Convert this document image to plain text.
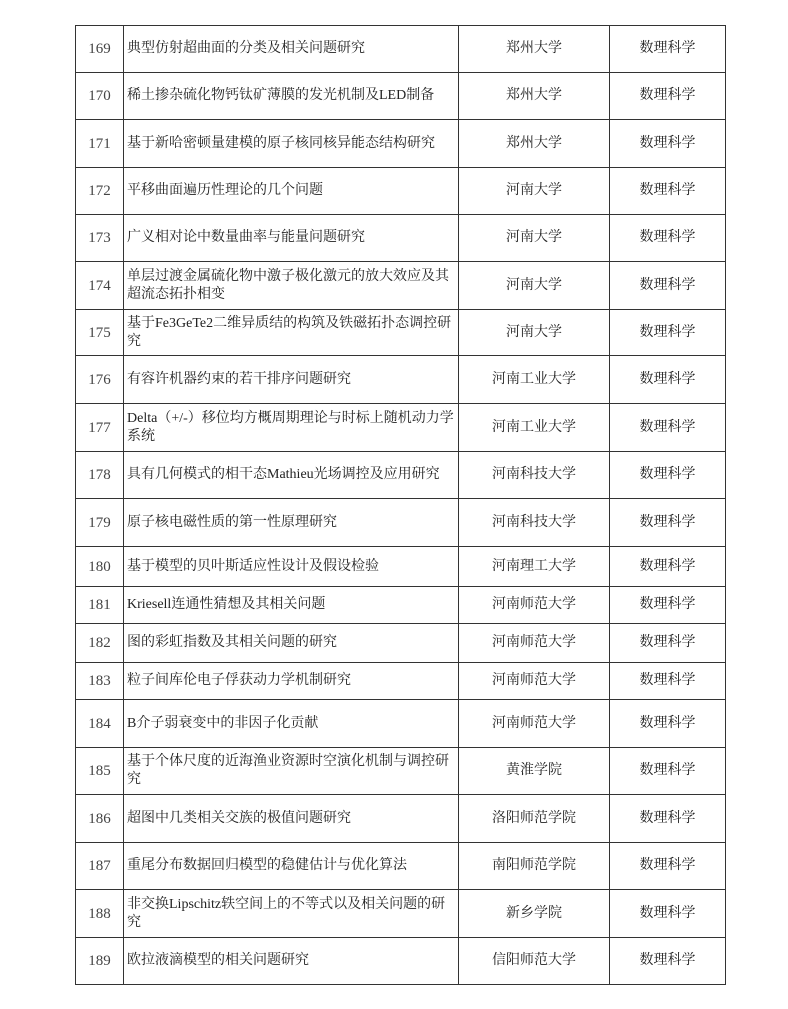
169	典型仿射超曲面的分类及相关问题研究	郑州大学	数理科学
170	稀土掺杂硫化物钙钛矿薄膜的发光机制及LED制备	郑州大学	数理科学
171	基于新哈密顿量建模的原子核同核异能态结构研究	郑州大学	数理科学
172	平移曲面遍历性理论的几个问题	河南大学	数理科学
173	广义相对论中数量曲率与能量问题研究	河南大学	数理科学
174	单层过渡金属硫化物中激子极化激元的放大效应及其超流态拓扑相变	河南大学	数理科学
175	基于Fe3GeTe2二维异质结的构筑及铁磁拓扑态调控研究	河南大学	数理科学
176	有容许机器约束的若干排序问题研究	河南工业大学	数理科学
177	Delta（+/-）移位均方概周期理论与时标上随机动力学系统	河南工业大学	数理科学
178	具有几何模式的相干态Mathieu光场调控及应用研究	河南科技大学	数理科学
179	原子核电磁性质的第一性原理研究	河南科技大学	数理科学
180	基于模型的贝叶斯适应性设计及假设检验	河南理工大学	数理科学
181	Kriesell连通性猜想及其相关问题	河南师范大学	数理科学
182	图的彩虹指数及其相关问题的研究	河南师范大学	数理科学
183	粒子间库伦电子俘获动力学机制研究	河南师范大学	数理科学
184	B介子弱衰变中的非因子化贡献	河南师范大学	数理科学
185	基于个体尺度的近海渔业资源时空演化机制与调控研究	黄淮学院	数理科学
186	超图中几类相关交族的极值问题研究	洛阳师范学院	数理科学
187	重尾分布数据回归模型的稳健估计与优化算法	南阳师范学院	数理科学
188	非交换Lipschitz轶空间上的不等式以及相关问题的研究	新乡学院	数理科学
189	欧拉液滴模型的相关问题研究	信阳师范大学	数理科学
